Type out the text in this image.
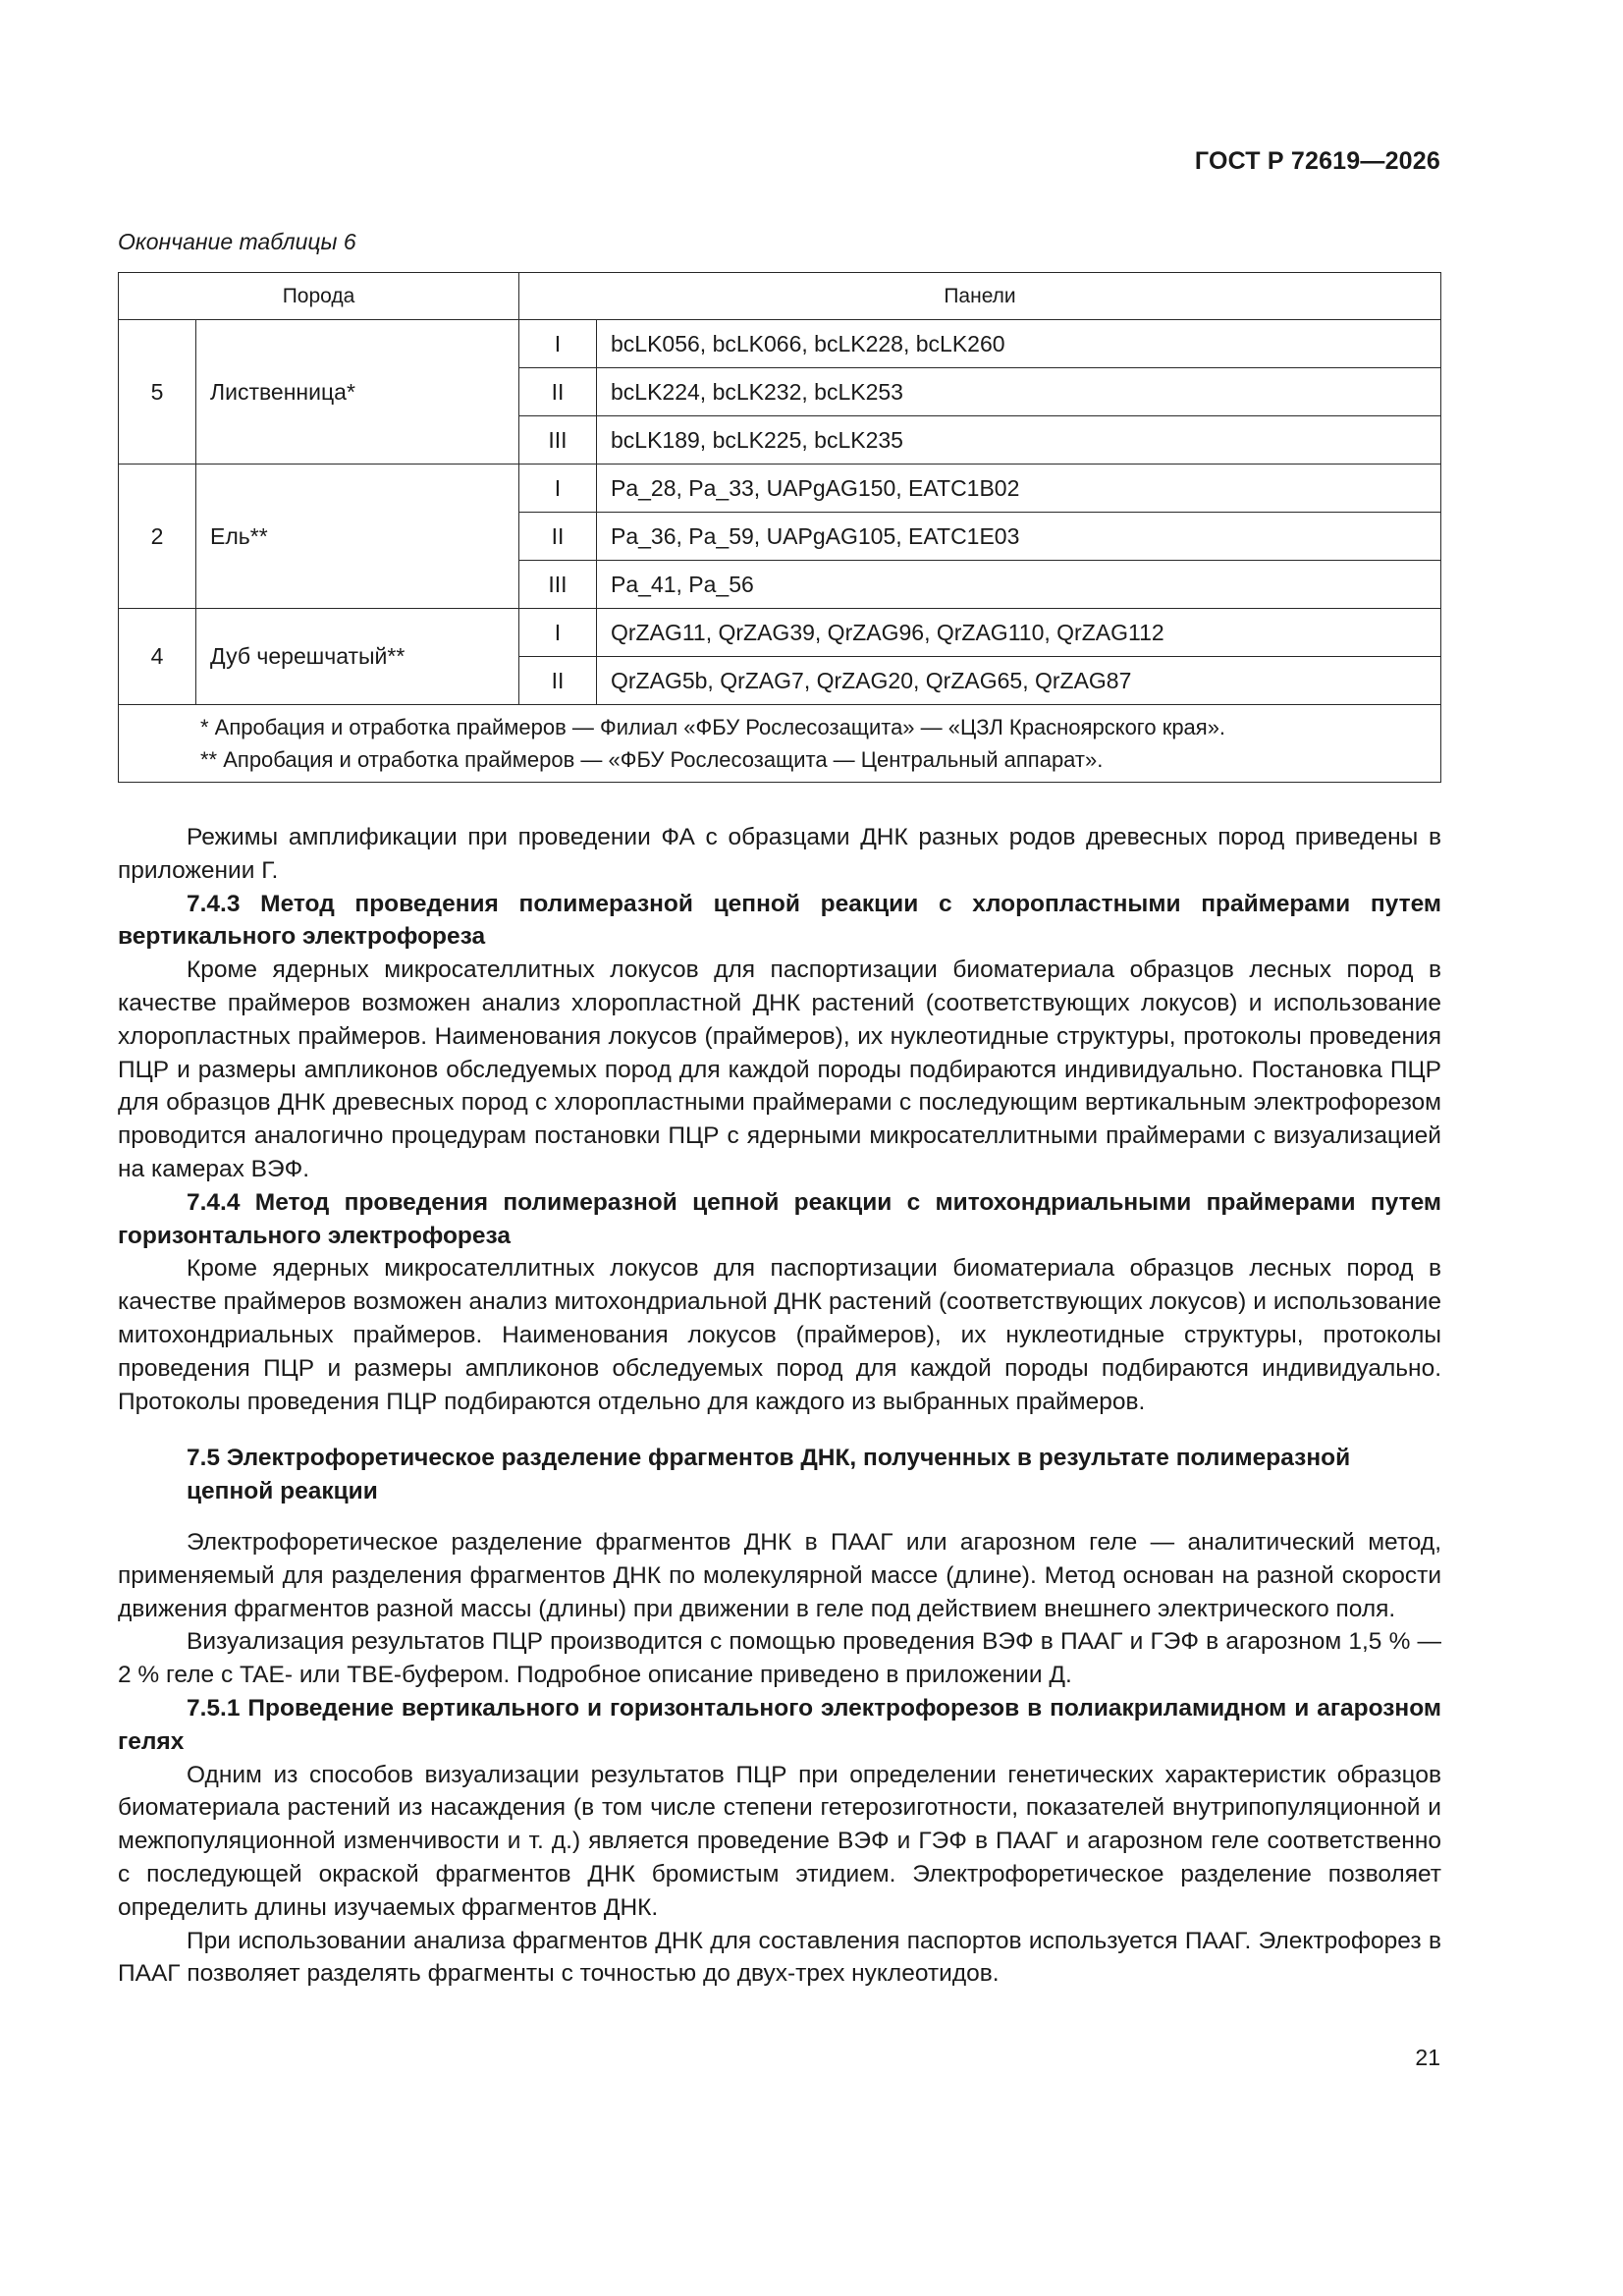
ГОСТ Р 72619—2026
Окончание таблицы 6
Порода		Панели	
5	Лиственница*	I	bcLK056, bcLK066, bcLK228, bcLK260
		II	bcLK224, bcLK232, bcLK253
		III	bcLK189, bcLK225, bcLK235
2	Ель**	I	Pa_28, Pa_33, UAPgAG150, EATC1B02
		II	Pa_36, Pa_59, UAPgAG105, EATC1E03
		III	Pa_41, Pa_56
4	Дуб черешчатый**	I	QrZAG11, QrZAG39, QrZAG96, QrZAG110, QrZAG112
		II	QrZAG5b, QrZAG7, QrZAG20, QrZAG65, QrZAG87

* Апробация и отработка праймеров — Филиал «ФБУ Рослесозащита» — «ЦЗЛ Красноярского края».
** Апробация и отработка праймеров — «ФБУ Рослесозащита — Центральный аппарат».			

Режимы амплификации при проведении ФА с образцами ДНК разных родов древесных пород приведены в приложении Г.

7.4.3 Метод проведения полимеразной цепной реакции с хлоропластными праймерами путем вертикального электрофореза

Кроме ядерных микросателлитных локусов для паспортизации биоматериала образцов лесных пород в качестве праймеров возможен анализ хлоропластной ДНК растений (соответствующих локусов) и использование хлоропластных праймеров. Наименования локусов (праймеров), их нуклеотидные структуры, протоколы проведения ПЦР и размеры ампликонов обследуемых пород для каждой породы подбираются индивидуально. Постановка ПЦР для образцов ДНК древесных пород с хлоропластными праймерами с последующим вертикальным электрофорезом проводится аналогично процедурам постановки ПЦР с ядерными микросателлитными праймерами с визуализацией на камерах ВЭФ.

7.4.4 Метод проведения полимеразной цепной реакции с митохондриальными праймерами путем горизонтального электрофореза

Кроме ядерных микросателлитных локусов для паспортизации биоматериала образцов лесных пород в качестве праймеров возможен анализ митохондриальной ДНК растений (соответствующих локусов) и использование митохондриальных праймеров. Наименования локусов (праймеров), их нуклеотидные структуры, протоколы проведения ПЦР и размеры ампликонов обследуемых пород для каждой породы подбираются индивидуально. Протоколы проведения ПЦР подбираются отдельно для каждого из выбранных праймеров.

7.5 Электрофоретическое разделение фрагментов ДНК, полученных в результате полимеразной цепной реакции

Электрофоретическое разделение фрагментов ДНК в ПААГ или агарозном геле — аналитический метод, применяемый для разделения фрагментов ДНК по молекулярной массе (длине). Метод основан на разной скорости движения фрагментов разной массы (длины) при движении в геле под действием внешнего электрического поля.

Визуализация результатов ПЦР производится с помощью проведения ВЭФ в ПААГ и ГЭФ в агарозном 1,5 % — 2 % геле с TAE- или TBE-буфером. Подробное описание приведено в приложении Д.

7.5.1 Проведение вертикального и горизонтального электрофорезов в полиакриламидном и агарозном гелях

Одним из способов визуализации результатов ПЦР при определении генетических характеристик образцов биоматериала растений из насаждения (в том числе степени гетерозиготности, показателей внутрипопуляционной и межпопуляционной изменчивости и т. д.) является проведение ВЭФ и ГЭФ в ПААГ и агарозном геле соответственно с последующей окраской фрагментов ДНК бромистым этидием. Электрофоретическое разделение позволяет определить длины изучаемых фрагментов ДНК.

При использовании анализа фрагментов ДНК для составления паспортов используется ПААГ. Электрофорез в ПААГ позволяет разделять фрагменты с точностью до двух-трех нуклеотидов.

21
